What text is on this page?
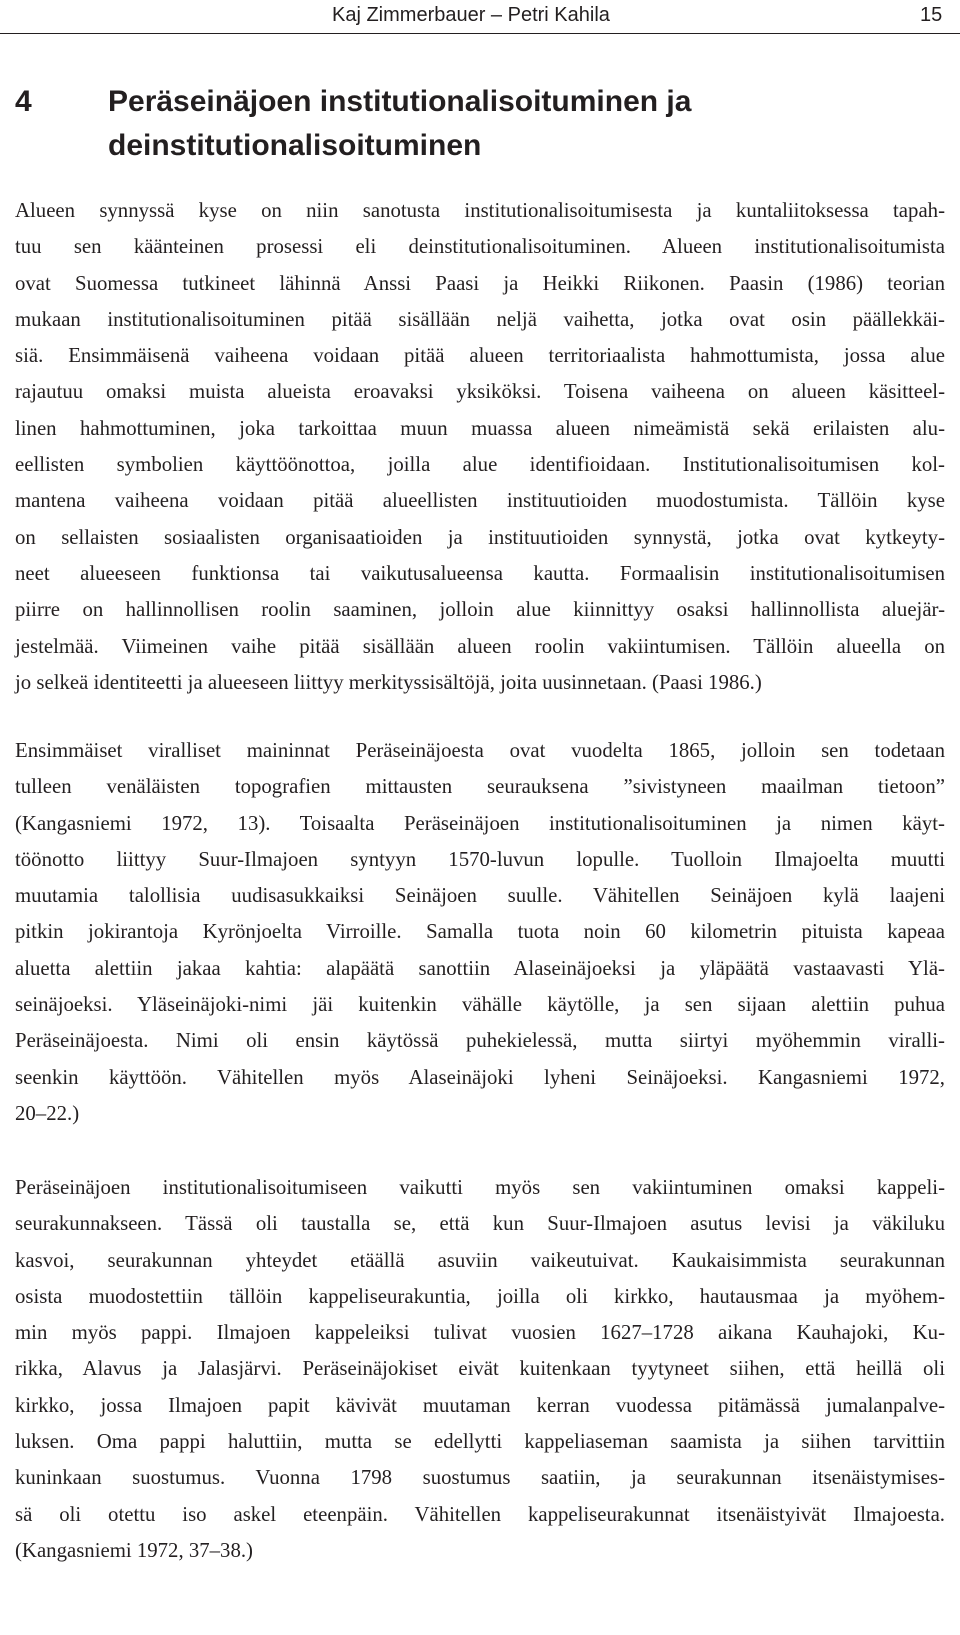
Kaj Zimmerbauer – Petri Kahila	15
4	Peräseinäjoen institutionalisoituminen ja
deinstitutionalisoituminen
Alueen synnyssä kyse on niin sanotusta institutionalisoitumisesta ja kuntaliitoksessa tapah-
tuu sen käänteinen prosessi eli deinstitutionalisoituminen. Alueen institutionalisoitumista
ovat Suomessa tutkineet lähinnä Anssi Paasi ja Heikki Riikonen. Paasin (1986) teorian
mukaan institutionalisoituminen pitää sisällään neljä vaihetta, jotka ovat osin päällekkäi-
siä. Ensimmäisenä vaiheena voidaan pitää alueen territoriaalista hahmottumista, jossa alue
rajautuu omaksi muista alueista eroavaksi yksiköksi. Toisena vaiheena on alueen käsitteel-
linen hahmottuminen, joka tarkoittaa muun muassa alueen nimeämistä sekä erilaisten alu-
eellisten symbolien käyttöönottoa, joilla alue identifioidaan. Institutionalisoitumisen kol-
mantena vaiheena voidaan pitää alueellisten instituutioiden muodostumista. Tällöin kyse
on sellaisten sosiaalisten organisaatioiden ja instituutioiden synnystä, jotka ovat kytkeyty-
neet alueeseen funktionsa tai vaikutusalueensa kautta. Formaalisin institutionalisoitumisen
piirre on hallinnollisen roolin saaminen, jolloin alue kiinnittyy osaksi hallinnollista aluejär-
jestelmää. Viimeinen vaihe pitää sisällään alueen roolin vakiintumisen. Tällöin alueella on
jo selkeä identiteetti ja alueeseen liittyy merkityssisältöjä, joita uusinnetaan. (Paasi 1986.)
Ensimmäiset viralliset maininnat Peräseinäjoesta ovat vuodelta 1865, jolloin sen todetaan
tulleen venäläisten topografien mittausten seurauksena ”sivistyneen maailman tietoon”
(Kangasniemi 1972, 13). Toisaalta Peräseinäjoen institutionalisoituminen ja nimen käyt-
töönotto liittyy Suur-Ilmajoen syntyyn 1570-luvun lopulle. Tuolloin Ilmajoelta muutti
muutamia talollisia uudisasukkaiksi Seinäjoen suulle. Vähitellen Seinäjoen kylä laajeni
pitkin jokirantoja Kyrönjoelta Virroille. Samalla tuota noin 60 kilometrin pituista kapeaa
aluetta alettiin jakaa kahtia: alapäätä sanottiin Alaseinäjoeksi ja yläpäätä vastaavasti Ylä-
seinäjoeksi. Yläseinäjoki-nimi jäi kuitenkin vähälle käytölle, ja sen sijaan alettiin puhua
Peräseinäjoesta. Nimi oli ensin käytössä puhekielessä, mutta siirtyi myöhemmin viralli-
seenkin käyttöön. Vähitellen myös Alaseinäjoki lyheni Seinäjoeksi. Kangasniemi 1972,
20–22.)
Peräseinäjoen institutionalisoitumiseen vaikutti myös sen vakiintuminen omaksi kappeli-
seurakunnakseen. Tässä oli taustalla se, että kun Suur-Ilmajoen asutus levisi ja väkiluku
kasvoi, seurakunnan yhteydet etäällä asuviin vaikeutuivat. Kaukaisimmista seurakunnan
osista muodostettiin tällöin kappeliseurakuntia, joilla oli kirkko, hautausmaa ja myöhem-
min myös pappi. Ilmajoen kappeleiksi tulivat vuosien 1627–1728 aikana Kauhajoki, Ku-
rikka, Alavus ja Jalasjärvi. Peräseinäjokiset eivät kuitenkaan tyytyneet siihen, että heillä oli
kirkko, jossa Ilmajoen papit kävivät muutaman kerran vuodessa pitämässä jumalanpalve-
luksen. Oma pappi haluttiin, mutta se edellytti kappeliaseman saamista ja siihen tarvittiin
kuninkaan suostumus. Vuonna 1798 suostumus saatiin, ja seurakunnan itsenäistymises-
sä oli otettu iso askel eteenpäin. Vähitellen kappeliseurakunnat itsenäistyivät Ilmajoesta.
(Kangasniemi 1972, 37–38.)
